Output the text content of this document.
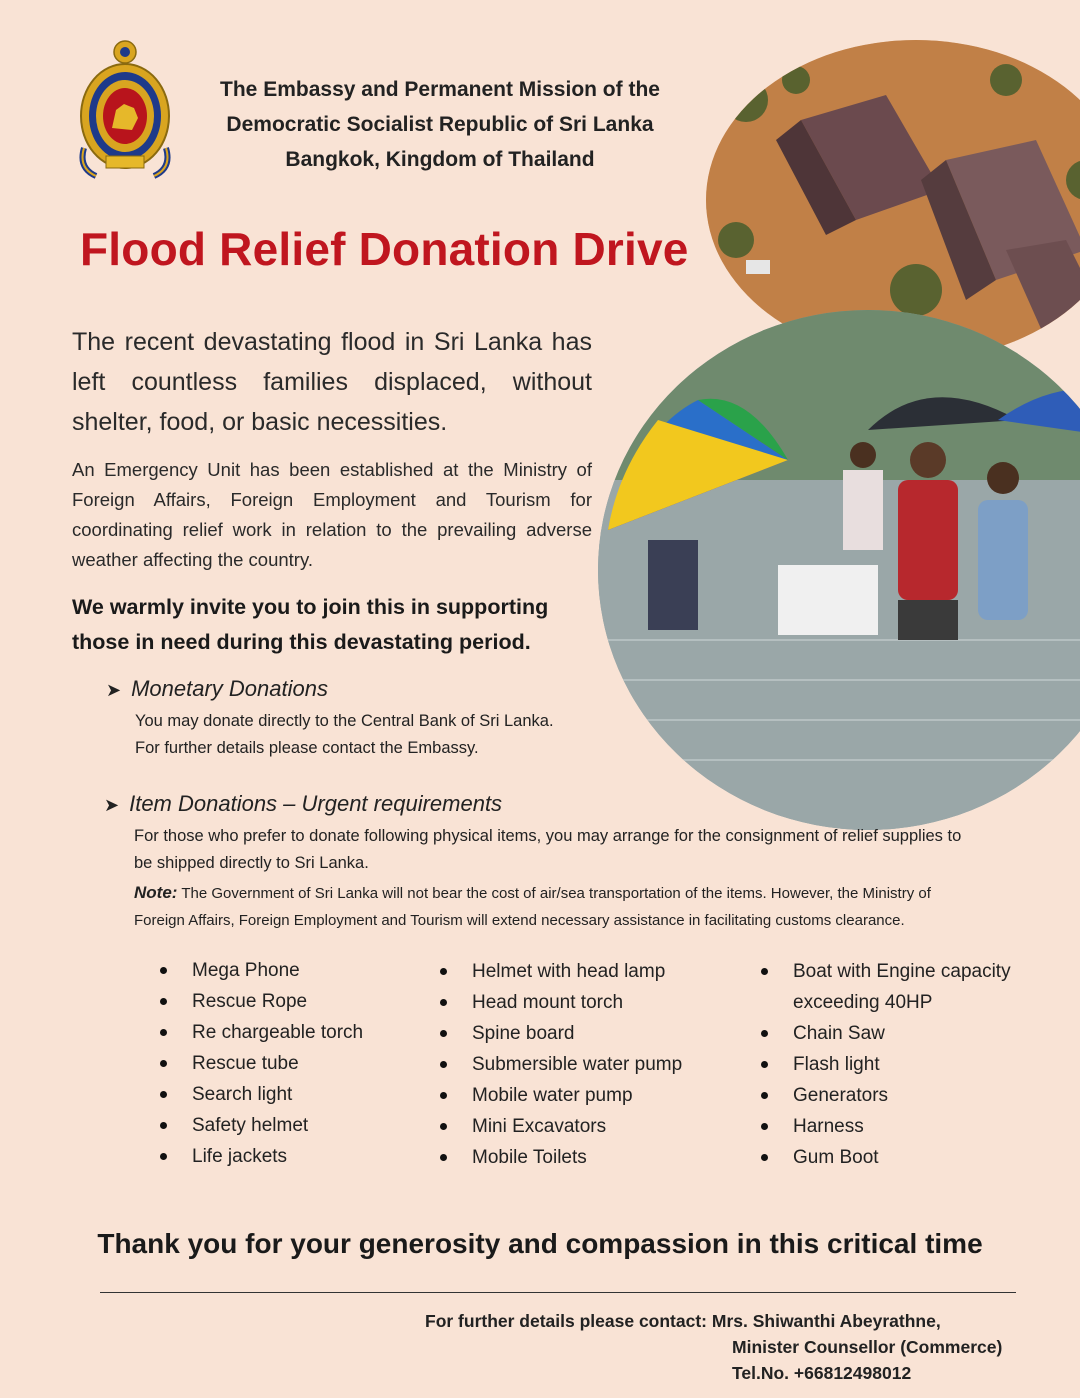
The Embassy and Permanent Mission of the
Democratic Socialist Republic of Sri Lanka
Bangkok, Kingdom of Thailand
Flood Relief Donation Drive
The recent devastating flood in Sri Lanka has left countless families displaced, without shelter, food, or basic necessities.
An Emergency Unit has been established at the Ministry of Foreign Affairs, Foreign Employment and Tourism for coordinating relief work in relation to the prevailing adverse weather affecting the country.
We warmly invite you to join this in supporting
those in need during this devastating period.
➤ Monetary Donations
You may donate directly to the Central Bank of Sri Lanka.
For further details please contact the Embassy.
➤ Item Donations – Urgent requirements
For those who prefer to donate following physical items, you may arrange for the consignment of relief supplies to
be shipped directly to Sri Lanka.
Note: The Government of Sri Lanka will not bear the cost of air/sea transportation of the items. However, the Ministry of
Foreign Affairs, Foreign Employment and Tourism will extend necessary assistance in facilitating customs clearance.
Mega Phone
Rescue Rope
Re chargeable torch
Rescue tube
Search light
Safety helmet
Life jackets
Helmet with head lamp
Head mount torch
Spine board
Submersible water pump
Mobile water pump
Mini Excavators
Mobile Toilets
Boat with Engine capacity
exceeding 40HP
Chain Saw
Flash light
Generators
Harness
Gum Boot
Thank you for your generosity and compassion in this critical time
For further details please contact: Mrs. Shiwanthi Abeyrathne,
Minister Counsellor (Commerce)
Tel.No. +66812498012
